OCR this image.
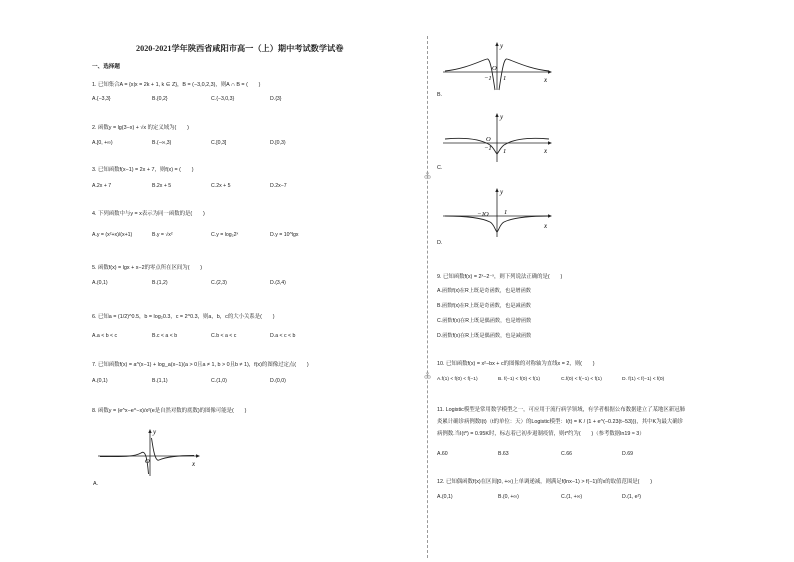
2020-2021学年陕西省咸阳市高一（上）期中考试数学试卷
一、选择题
1. 已知集合A = {x|x = 2k + 1, k ∈ Z}，B = (−3,0,2,3)，则A ∩ B = (　　)
A.{−3,3}	B.{0,2}	C.{−3,0,3}	D.{3}
2. 函数y = lg(3−x) + √x 的定义域为(　　)
A.[0, +∞)	B.(−∞,3)	C.[0,3]	D.[0,3)
3. 已知函数f(x−1) = 2x + 7，则f(x) = (　　)
A.2x + 7	B.2x + 5	C.2x + 5	D.2x−7
4. 下列函数中与y = x表示为同一函数的是(　　)
A.y = (x²+x)/(x+1)	B.y = √x²	C.y = log₂2ˣ	D.y = 10^lgx
5. 函数f(x) = lgx + x−2的零点所在区间为(　　)
A.(0,1)	B.(1,2)	C.(2,3)	D.(3,4)
6. 已知a = (1/2)^0.5，b = log₂0.3，c = 2^0.3，则a，b，c的大小关系是(　　)
A.a < b < c	B.c < a < b	C.b < a < c	D.a < c < b
7. 已知函数f(x) = a^(x−1) + log_a(x−1)(a > 0且a ≠ 1, b > 0且b ≠ 1)，f(x)的图像过定点(　　)
A.(0,1)	B.(1,1)	C.(1,0)	D.(0,0)
8. 函数y = (e^x−e^−x)/x²(e是自然对数的底数)的图像可能是(　　)
y
x
O
A.
y
x
O
−1 1
B.
y
x
O
−1 1
C.
y
x
O
−1	1
D.
9. 已知函数f(x) = 2ˣ−2⁻ˣ，则下列说法正确的是(　　)
A.函数f(x)在R上既是奇函数，也是增函数
B.函数f(x)在R上既是奇函数，也是减函数
C.函数f(x)在R上既是偶函数，也是增函数
D.函数f(x)在R上既是偶函数，也是减函数
10. 已知函数f(x) = x²−bx + c的图像的对称轴为直线x = 2，则(　　)
A.f(1) < f(0) < f(−1)	B. f(−1) < f(0) < f(1)	C.f(0) < f(−1) < f(1)	D. f(1) < f(−1) < f(0)
11. Logistic模型是常用数学模型之一，可应用于流行病学领域，有学者根据公布数据建立了某地区新冠肺炎累计确诊病例数I(t)（t的单位：天）的Logistic模型：I(t) = K / (1 + e^(−0.23(t−53)))，其中K为最大确诊病例数.当I(t*) = 0.95K时，标志着已初步遏制疫情，则t*约为(　　)（参考数据ln19 ≈ 3）
A.60	B.63	C.66	D.69
12. 已知偶函数f(x)在区间[0, +∞)上单调递减，则满足f(lnx−1) > f(−1)的x的取值范围是(　　)
A.(0,1)	B.(0, +∞)	C.(1, +∞)	D.(1, e²)
